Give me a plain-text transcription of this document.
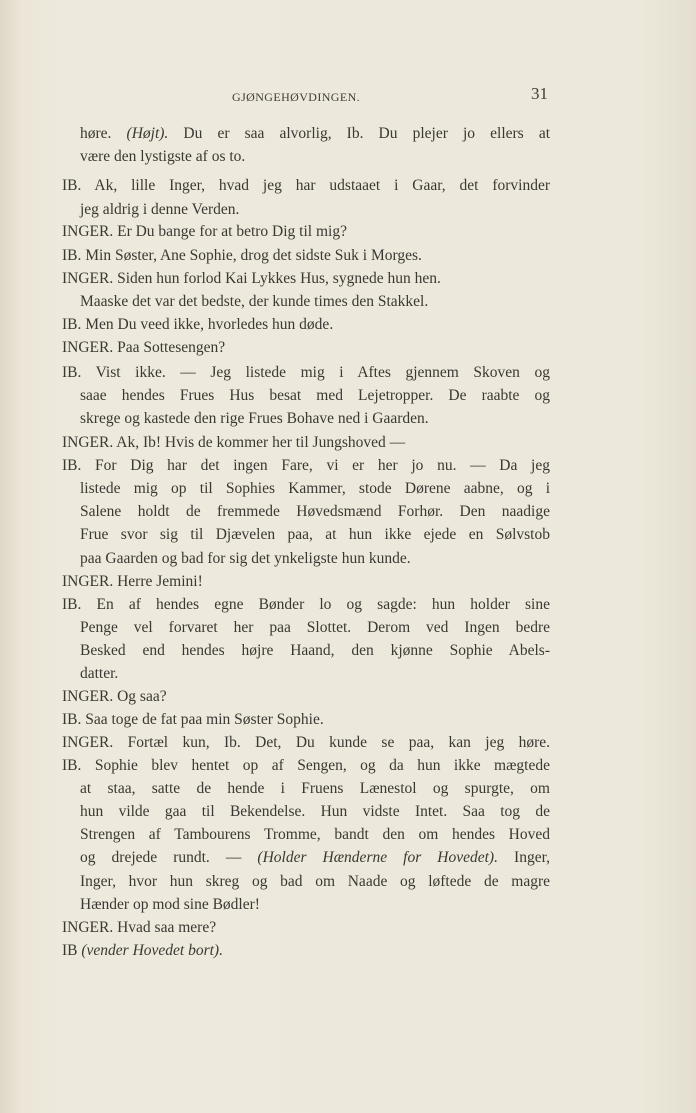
GJØNGEHØVDINGEN.	31
høre. (Højt). Du er saa alvorlig, Ib. Du plejer jo ellers at
være den lystigste af os to.
IB. Ak, lille Inger, hvad jeg har udstaaet i Gaar, det forvinder
jeg aldrig i denne Verden.
INGER. Er Du bange for at betro Dig til mig?
IB. Min Søster, Ane Sophie, drog det sidste Suk i Morges.
INGER. Siden hun forlod Kai Lykkes Hus, sygnede hun hen.
Maaske det var det bedste, der kunde times den Stakkel.
IB. Men Du veed ikke, hvorledes hun døde.
INGER. Paa Sottesengen?
IB. Vist ikke. — Jeg listede mig i Aftes gjennem Skoven og
saae hendes Frues Hus besat med Lejetropper. De raabte og
skrege og kastede den rige Frues Bohave ned i Gaarden.
INGER. Ak, Ib! Hvis de kommer her til Jungshoved —
IB. For Dig har det ingen Fare, vi er her jo nu. — Da jeg
listede mig op til Sophies Kammer, stode Dørene aabne, og i
Salene holdt de fremmede Høvedsmænd Forhør. Den naadige
Frue svor sig til Djævelen paa, at hun ikke ejede en Sølvstob
paa Gaarden og bad for sig det ynkeligste hun kunde.
INGER. Herre Jemini!
IB. En af hendes egne Bønder lo og sagde: hun holder sine
Penge vel forvaret her paa Slottet. Derom ved Ingen bedre
Besked end hendes højre Haand, den kjønne Sophie Abels-
datter.
INGER. Og saa?
IB. Saa toge de fat paa min Søster Sophie.
INGER. Fortæl kun, Ib. Det, Du kunde se paa, kan jeg høre.
IB. Sophie blev hentet op af Sengen, og da hun ikke mægtede
at staa, satte de hende i Fruens Lænestol og spurgte, om
hun vilde gaa til Bekendelse. Hun vidste Intet. Saa tog de
Strengen af Tambourens Tromme, bandt den om hendes Hoved
og drejede rundt. — (Holder Hænderne for Hovedet). Inger,
Inger, hvor hun skreg og bad om Naade og løftede de magre
Hænder op mod sine Bødler!
INGER. Hvad saa mere?
IB (vender Hovedet bort).
